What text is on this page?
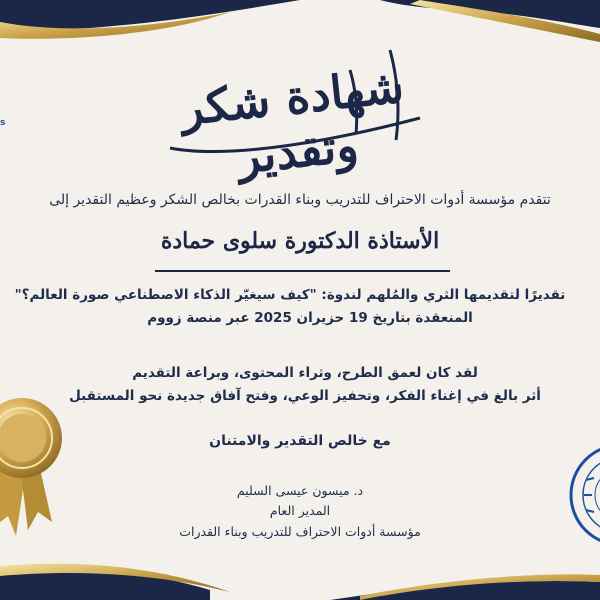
s	شهادة شكر وتقدير
تتقدم مؤسسة أدوات الاحتراف للتدريب وبناء القدرات بخالص الشكر وعظيم التقدير إلى
الأستاذة الدكتورة سلوى حمادة
تقديرًا لتقديمها الثري والمُلهم لندوة: "كيف سيغيّر الذكاء الاصطناعي صورة العالم؟"
المنعقدة بتاريخ 19 حزيران 2025 عبر منصة زووم
لقد كان لعمق الطرح، وثراء المحتوى، وبراعة التقديم
أثر بالغ في إغناء الفكر، وتحفيز الوعي، وفتح آفاق جديدة نحو المستقبل
مع خالص التقدير والامتنان
د. ميسون عيسى السليم
المدير العام
مؤسسة أدوات الاحتراف للتدريب وبناء القدرات
